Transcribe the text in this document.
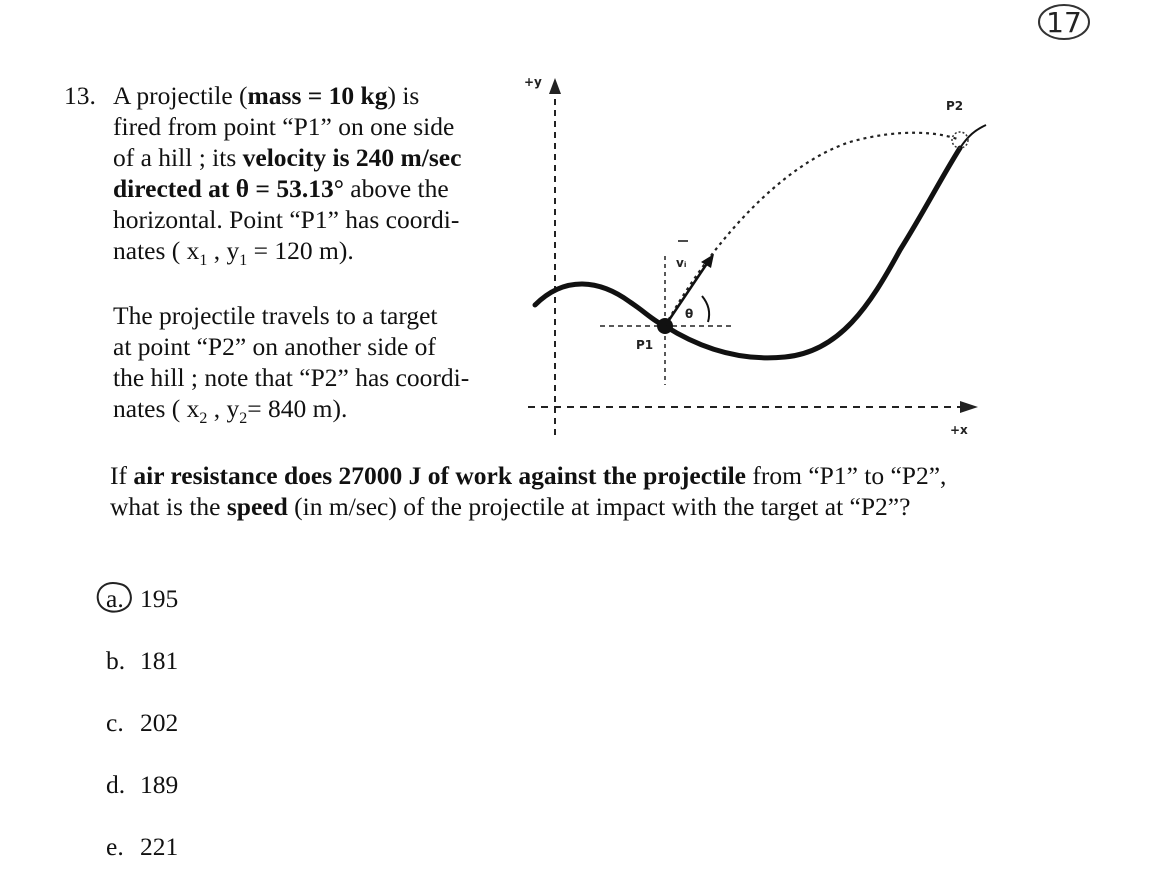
17
13. A projectile (mass = 10 kg) is
fired from point “P1” on one side
of a hill ; its velocity is 240 m/sec
directed at θ = 53.13° above the
horizontal. Point “P1” has coordi-
nates ( $x_1$ , $y_1 = 120$ m).
The projectile travels to a target
at point “P2” on another side of
the hill ; note that “P2” has coordi-
nates ( $x_2$ , $y_2= 840$ m).
If air resistance does 27000 J of work against the projectile from “P1” to “P2”,
what is the speed (in m/sec) of the projectile at impact with the target at “P2”?
+y
+x
P1
vᵢ
θ
P2
a. 195
b. 181
c. 202
d. 189
e. 221
